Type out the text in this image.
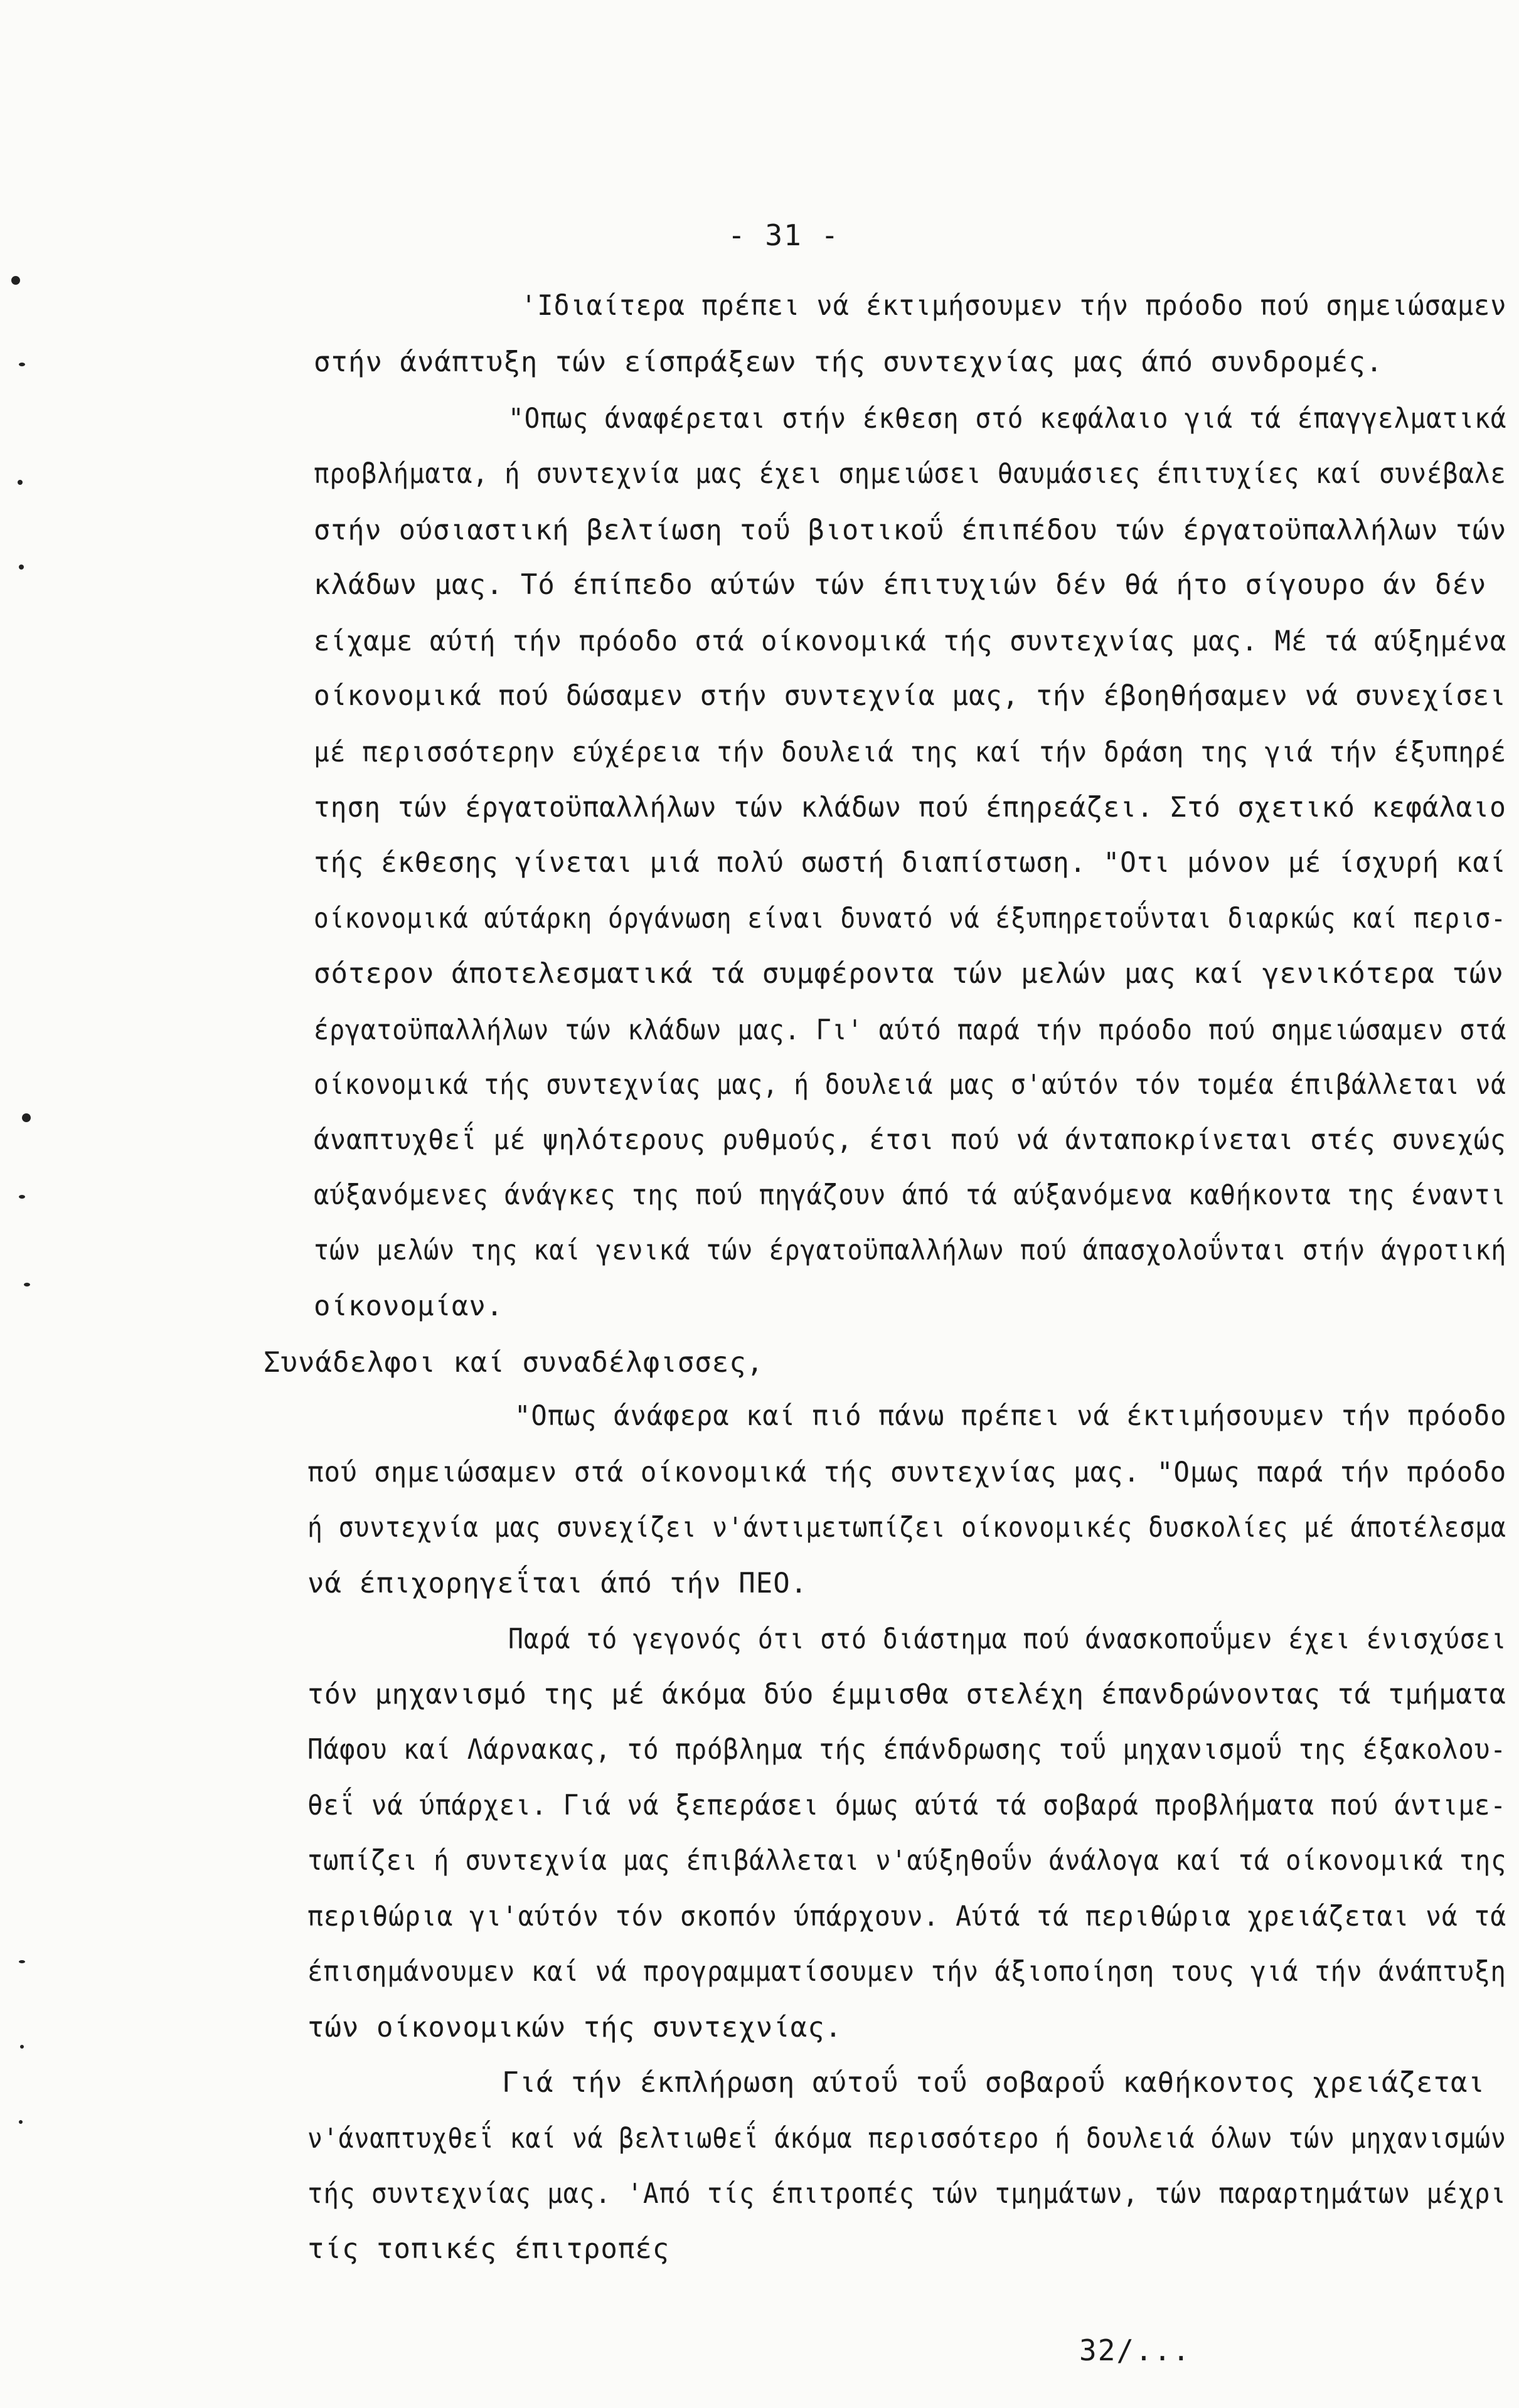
- 31 -
'Ιδιαίτερα πρέπει νά έκτιμήσουμεν τήν πρόοδο πού σημειώσαμεν
στήν άνάπτυξη τών είσπράξεων τής συντεχνίας μας άπό συνδρομές.
"Οπως άναφέρεται στήν έκθεση στό κεφάλαιο γιά τά έπαγγελματικά
προβλήματα, ή συντεχνία μας έχει σημειώσει θαυμάσιες έπιτυχίες καί συνέβαλε
στήν ούσιαστική βελτίωση τοΰ βιοτικοΰ έπιπέδου τών έργατοϋπαλλήλων τών
κλάδων μας. Τό έπίπεδο αύτών τών έπιτυχιών δέν θά ήτο σίγουρο άν δέν
είχαμε αύτή τήν πρόοδο στά οίκονομικά τής συντεχνίας μας. Μέ τά αύξημένα
οίκονομικά πού δώσαμεν στήν συντεχνία μας, τήν έβοηθήσαμεν νά συνεχίσει
μέ περισσότερην εύχέρεια τήν δουλειά της καί τήν δράση της γιά τήν έξυπηρέ
τηση τών έργατοϋπαλλήλων τών κλάδων πού έπηρεάζει. Στό σχετικό κεφάλαιο
τής έκθεσης γίνεται μιά πολύ σωστή διαπίστωση. "Οτι μόνον μέ ίσχυρή καί
οίκονομικά αύτάρκη όργάνωση είναι δυνατό νά έξυπηρετοΰνται διαρκώς καί περισ-
σότερον άποτελεσματικά τά συμφέροντα τών μελών μας καί γενικότερα τών
έργατοϋπαλλήλων τών κλάδων μας. Γι' αύτό παρά τήν πρόοδο πού σημειώσαμεν στά
οίκονομικά τής συντεχνίας μας, ή δουλειά μας σ'αύτόν τόν τομέα έπιβάλλεται νά
άναπτυχθεΐ μέ ψηλότερους ρυθμούς, έτσι πού νά άνταποκρίνεται στές συνεχώς
αύξανόμενες άνάγκες της πού πηγάζουν άπό τά αύξανόμενα καθήκοντα της έναντι
τών μελών της καί γενικά τών έργατοϋπαλλήλων πού άπασχολοΰνται στήν άγροτική
οίκονομίαν.
Συνάδελφοι καί συναδέλφισσες,
"Οπως άνάφερα καί πιό πάνω πρέπει νά έκτιμήσουμεν τήν πρόοδο
πού σημειώσαμεν στά οίκονομικά τής συντεχνίας μας. "Ομως παρά τήν πρόοδο
ή συντεχνία μας συνεχίζει ν'άντιμετωπίζει οίκονομικές δυσκολίες μέ άποτέλεσμα
νά έπιχορηγεΐται άπό τήν ΠΕΟ.
Παρά τό γεγονός ότι στό διάστημα πού άνασκοποΰμεν έχει ένισχύσει
τόν μηχανισμό της μέ άκόμα δύο έμμισθα στελέχη έπανδρώνοντας τά τμήματα
Πάφου καί Λάρνακας, τό πρόβλημα τής έπάνδρωσης τοΰ μηχανισμοΰ της έξακολου-
θεΐ νά ύπάρχει. Γιά νά ξεπεράσει όμως αύτά τά σοβαρά προβλήματα πού άντιμε-
τωπίζει ή συντεχνία μας έπιβάλλεται ν'αύξηθοΰν άνάλογα καί τά οίκονομικά της
περιθώρια γι'αύτόν τόν σκοπόν ύπάρχουν. Αύτά τά περιθώρια χρειάζεται νά τά
έπισημάνουμεν καί νά προγραμματίσουμεν τήν άξιοποίηση τους γιά τήν άνάπτυξη
τών οίκονομικών τής συντεχνίας.
Γιά τήν έκπλήρωση αύτοΰ τοΰ σοβαροΰ καθήκοντος χρειάζεται
ν'άναπτυχθεΐ καί νά βελτιωθεΐ άκόμα περισσότερο ή δουλειά όλων τών μηχανισμών
τής συντεχνίας μας. 'Από τίς έπιτροπές τών τμημάτων, τών παραρτημάτων μέχρι
τίς τοπικές έπιτροπές
32/...
